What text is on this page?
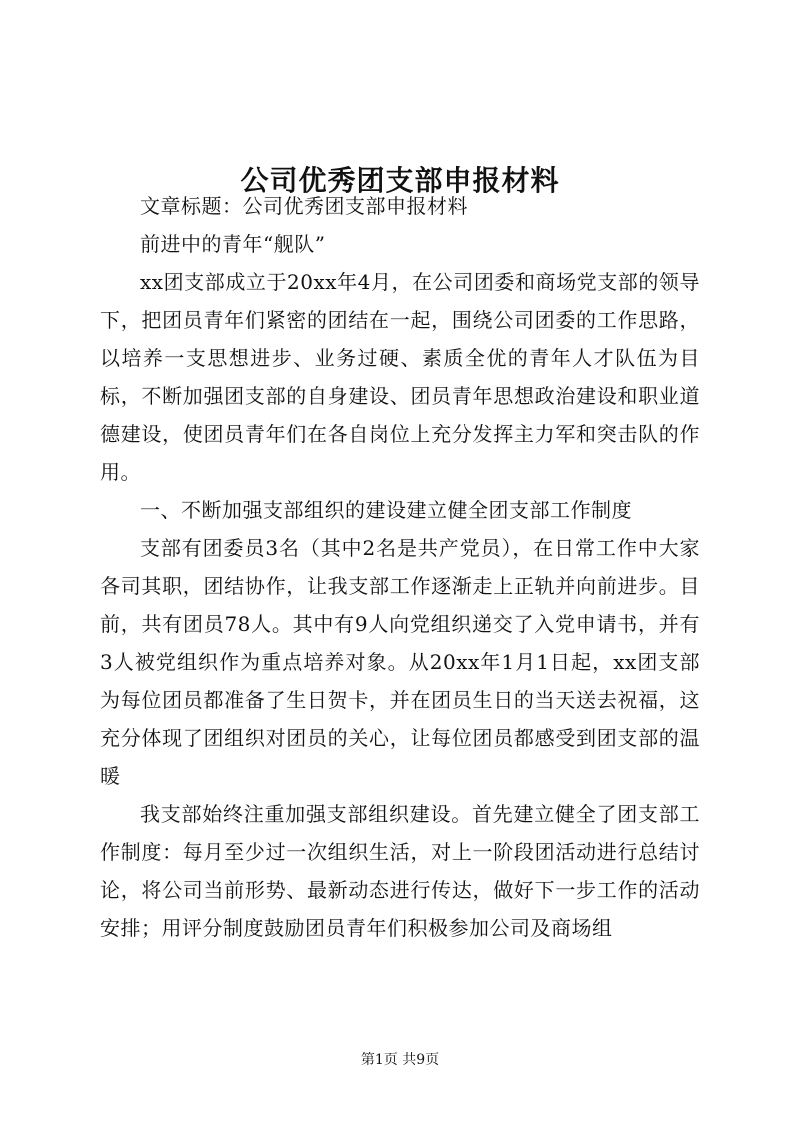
公司优秀团支部申报材料

文章标题：公司优秀团支部申报材料

前进中的青年“舰队”

xx团支部成立于20xx年4月，在公司团委和商场党支部的领导下，把团员青年们紧密的团结在一起，围绕公司团委的工作思路，以培养一支思想进步、业务过硬、素质全优的青年人才队伍为目标，不断加强团支部的自身建设、团员青年思想政治建设和职业道德建设，使团员青年们在各自岗位上充分发挥主力军和突击队的作用。

一、不断加强支部组织的建设建立健全团支部工作制度

支部有团委员3名（其中2名是共产党员），在日常工作中大家各司其职，团结协作，让我支部工作逐渐走上正轨并向前进步。目前，共有团员78人。其中有9人向党组织递交了入党申请书，并有3人被党组织作为重点培养对象。从20xx年1月1日起，xx团支部为每位团员都准备了生日贺卡，并在团员生日的当天送去祝福，这充分体现了团组织对团员的关心，让每位团员都感受到团支部的温暖

我支部始终注重加强支部组织建设。首先建立健全了团支部工作制度：每月至少过一次组织生活，对上一阶段团活动进行总结讨论，将公司当前形势、最新动态进行传达，做好下一步工作的活动安排；用评分制度鼓励团员青年们积极参加公司及商场组

第1页 共9页
